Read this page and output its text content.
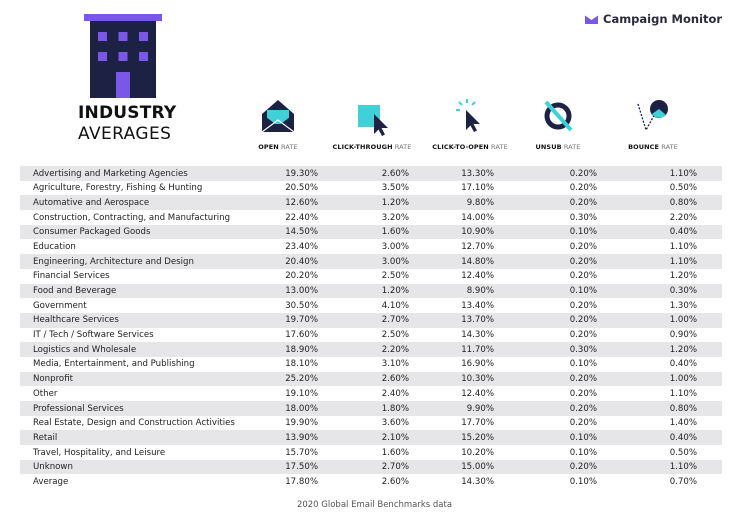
Campaign Monitor
INDUSTRY
AVERAGES
OPEN RATE	CLICK-THROUGH RATE	CLICK-TO-OPEN RATE	UNSUB RATE	BOUNCE RATE
Advertising and Marketing Agencies	19.30%	2.60%	13.30%	0.20%	1.10%
Agriculture, Forestry, Fishing & Hunting	20.50%	3.50%	17.10%	0.20%	0.50%
Automative and Aerospace	12.60%	1.20%	9.80%	0.20%	0.80%
Construction, Contracting, and Manufacturing	22.40%	3.20%	14.00%	0.30%	2.20%
Consumer Packaged Goods	14.50%	1.60%	10.90%	0.10%	0.40%
Education	23.40%	3.00%	12.70%	0.20%	1.10%
Engineering, Architecture and Design	20.40%	3.00%	14.80%	0.20%	1.10%
Financial Services	20.20%	2.50%	12.40%	0.20%	1.20%
Food and Beverage	13.00%	1.20%	8.90%	0.10%	0.30%
Government	30.50%	4.10%	13.40%	0.20%	1.30%
Healthcare Services	19.70%	2.70%	13.70%	0.20%	1.00%
IT / Tech / Software Services	17.60%	2.50%	14.30%	0.20%	0.90%
Logistics and Wholesale	18.90%	2.20%	11.70%	0.30%	1.20%
Media, Entertainment, and Publishing	18.10%	3.10%	16.90%	0.10%	0.40%
Nonprofit	25.20%	2.60%	10.30%	0.20%	1.00%
Other	19.10%	2.40%	12.40%	0.20%	1.10%
Professional Services	18.00%	1.80%	9.90%	0.20%	0.80%
Real Estate, Design and Construction Activities	19.90%	3.60%	17.70%	0.20%	1.40%
Retail	13.90%	2.10%	15.20%	0.10%	0.40%
Travel, Hospitality, and Leisure	15.70%	1.60%	10.20%	0.10%	0.50%
Unknown	17.50%	2.70%	15.00%	0.20%	1.10%
Average	17.80%	2.60%	14.30%	0.10%	0.70%
2020 Global Email Benchmarks data
